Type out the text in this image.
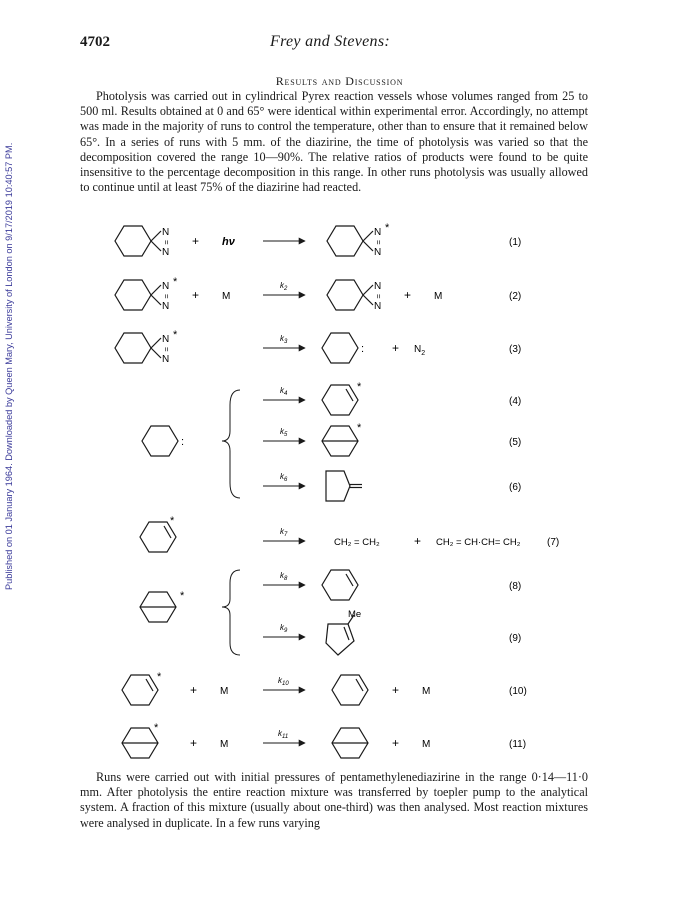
Published on 01 January 1964. Downloaded by Queen Mary, University of London on 9/17/2019 10:40:57 PM.
4702	Frey and Stevens:
Results and Discussion
Photolysis was carried out in cylindrical Pyrex reaction vessels whose volumes ranged from 25 to 500 ml. Results obtained at 0 and 65° were identical within experimental error. Accordingly, no attempt was made in the majority of runs to control the temperature, other than to ensure that it remained below 65°. In a series of runs with 5 mm. of the diazirine, the time of photolysis was varied so that the decomposition covered the range 10—90%. The relative ratios of products were found to be quite insensitive to the percentage decomposition in this range. In other runs photolysis was usually allowed to continue until at least 75% of the diazirine had reacted.
N
=
N
+ hν
N
=
N
*
(1)
N
=
N
*
+ M
$k_2$	N
=
N
+ M	(2)
N
=
N
*	$k_3$
: + $N_2$	(3)
:
$k_4$
*
(4)
$k_5$
*
(5)
$k_6$
(6)
*
$k_7$
CH₂ = CH₂	+ CH₂ = CH·CH= CH₂	(7)
*
$k_8$
(8)
$k_9$
Me
(9)
*
+ M
$k_{10}$	+ M	(10)
*
+ M
$k_{11}$	+ M	(11)
Runs were carried out with initial pressures of pentamethylenediazirine in the range 0·14—11·0 mm. After photolysis the entire reaction mixture was transferred by toepler pump to the analytical system. A fraction of this mixture (usually about one-third) was then analysed. Most reaction mixtures were analysed in duplicate. In a few runs varying
